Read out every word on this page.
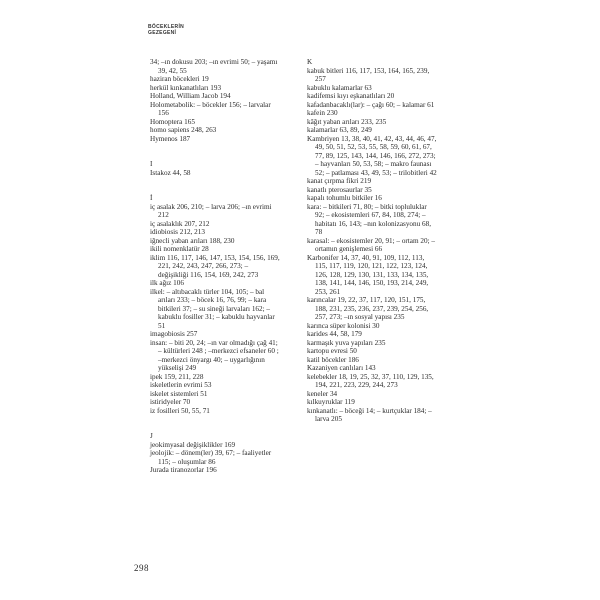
BÖCEKLERİN
GEZEGENİ
34; –ın dokusu 203; –ın evrimi 50; – yaşamı 39, 42, 55
haziran böcekleri 19
herkül kınkanatlıları 193
Holland, William Jacob 194
Holometabolik: – böcekler 156; – larvalar 156
Homoptera 165
homo sapiens 248, 263
Hymenos 187
I
Istakoz 44, 58
İ
iç asalak 206, 210; – larva 206; –ın evrimi 212
iç asalaklık 207, 212
idiobiosis 212, 213
iğnecli yaban arıları 188, 230
ikili nomenklatür 28
iklim 116, 117, 146, 147, 153, 154, 156, 169, 221, 242, 243, 247, 266, 273; – değişikliği 116, 154, 169, 242, 273
ilk ağız 106
ilkel: – altıbacaklı türler 104, 105; – bal arıları 233; – böcek 16, 76, 99; – kara bitkileri 37; – su sineği larvaları 162; – kabuklu fosiller 31; – kabuklu hayvanlar 51
imagobiosis 257
insan: – biti 20, 24; –ın var olmadığı çağ 41; – kültürleri 248 ; –merkezci efsaneler 60 ; –merkezci önyargı 40; – uygarlığının yükselişi 249
ipek 159, 211, 228
iskeletlerin evrimi 53
iskelet sistemleri 51
istiridyeler 70
iz fosilleri 50, 55, 71
J
jeokimyasal değişiklikler 169
jeolojik: – dönem(ler) 39, 67; – faaliyetler 115; – oluşumlar 86
Jurada tiranozorlar 196
K
kabuk bitleri 116, 117, 153, 164, 165, 239, 257
kabuklu kalamarlar 63
kadifemsi kıyı eşkanatlıları 20
kafadanbacaklı(lar): – çağı 60; – kalamar 61
kafein 230
kâğıt yaban arıları 233, 235
kalamarlar 63, 89, 249
Kambriyen 13, 38, 40, 41, 42, 43, 44, 46, 47, 49, 50, 51, 52, 53, 55, 58, 59, 60, 61, 67, 77, 89, 125, 143, 144, 146, 166, 272, 273; – hayvanları 50, 53, 58; – makro faunası 52; – patlaması 43, 49, 53; – trilobitleri 42
kanat çırpma fikri 219
kanatlı pterosaurlar 35
kapalı tohumlu bitkiler 16
kara: – bitkileri 71, 80; – bitki topluluklar 92; – ekosistemleri 67, 84, 108, 274; – habitatı 16, 143; –nın kolonizasyonu 68, 78
karasal: – ekosistemler 20, 91; – ortam 20; – ortamın genişlemesi 66
Karbonifer 14, 37, 40, 91, 109, 112, 113, 115, 117, 119, 120, 121, 122, 123, 124, 126, 128, 129, 130, 131, 133, 134, 135, 138, 141, 144, 146, 150, 193, 214, 249, 253, 261
karıncalar 19, 22, 37, 117, 120, 151, 175, 188, 231, 235, 236, 237, 239, 254, 256, 257, 273; –ın sosyal yapısı 235
karınca süper kolonisi 30
karides 44, 58, 179
karmaşık yuva yapıları 235
kartopu evresi 50
katil böcekler 186
Kazaniyen canlıları 143
kelebekler 18, 19, 25, 32, 37, 110, 129, 135, 194, 221, 223, 229, 244, 273
keneler 34
kılkuyruklar 119
kınkanatlı: – böceği 14; – kurtçuklar 184; – larva 205
298
